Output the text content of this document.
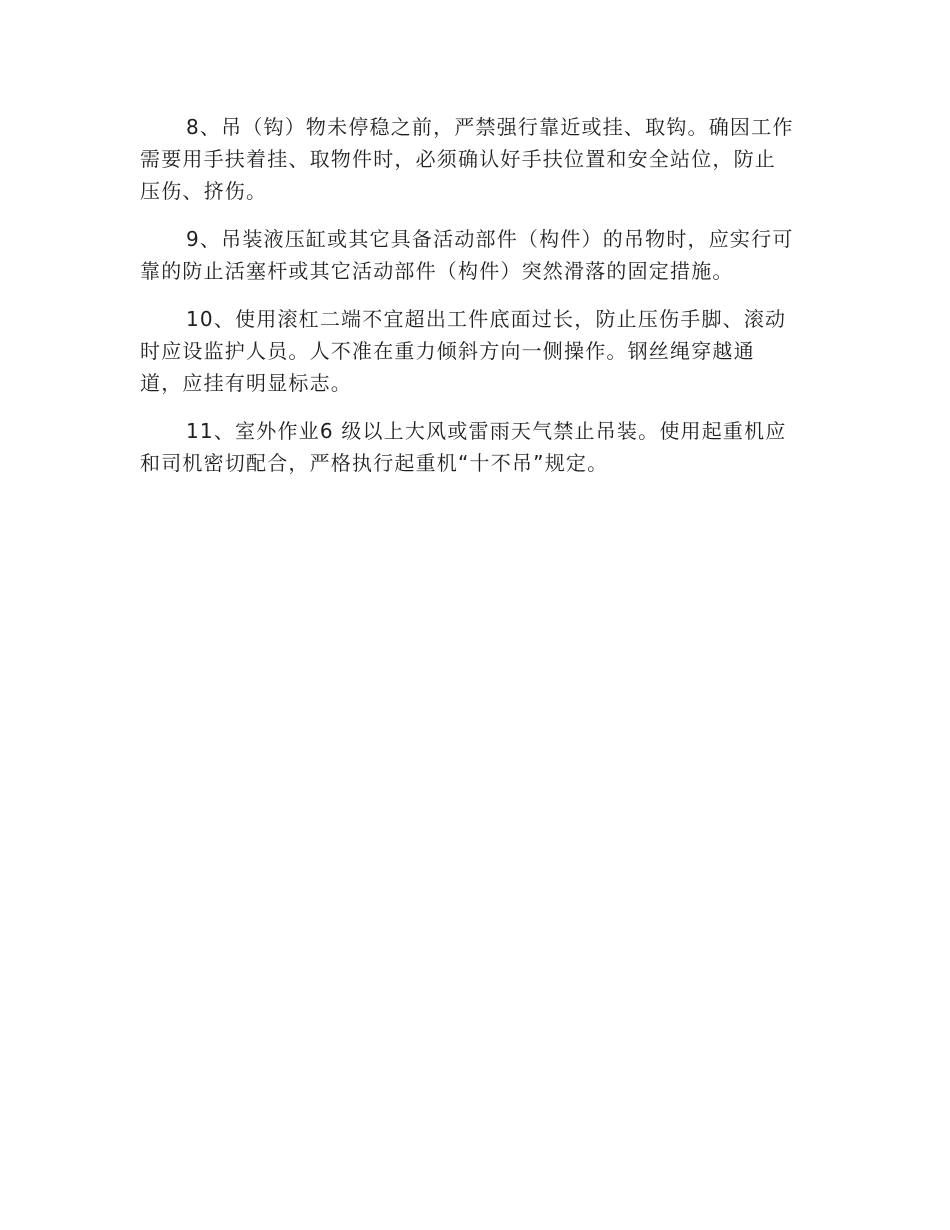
8、吊（钩）物未停稳之前，严禁强行靠近或挂、取钩。确因工作
需要用手扶着挂、取物件时，必须确认好手扶位置和安全站位，防止
压伤、挤伤。

9、吊装液压缸或其它具备活动部件（构件）的吊物时，应实行可
靠的防止活塞杆或其它活动部件（构件）突然滑落的固定措施。

10、使用滚杠二端不宜超出工件底面过长，防止压伤手脚、滚动
时应设监护人员。人不准在重力倾斜方向一侧操作。钢丝绳穿越通
道，应挂有明显标志。

11、室外作业6 级以上大风或雷雨天气禁止吊装。使用起重机应
和司机密切配合，严格执行起重机“十不吊”规定。
